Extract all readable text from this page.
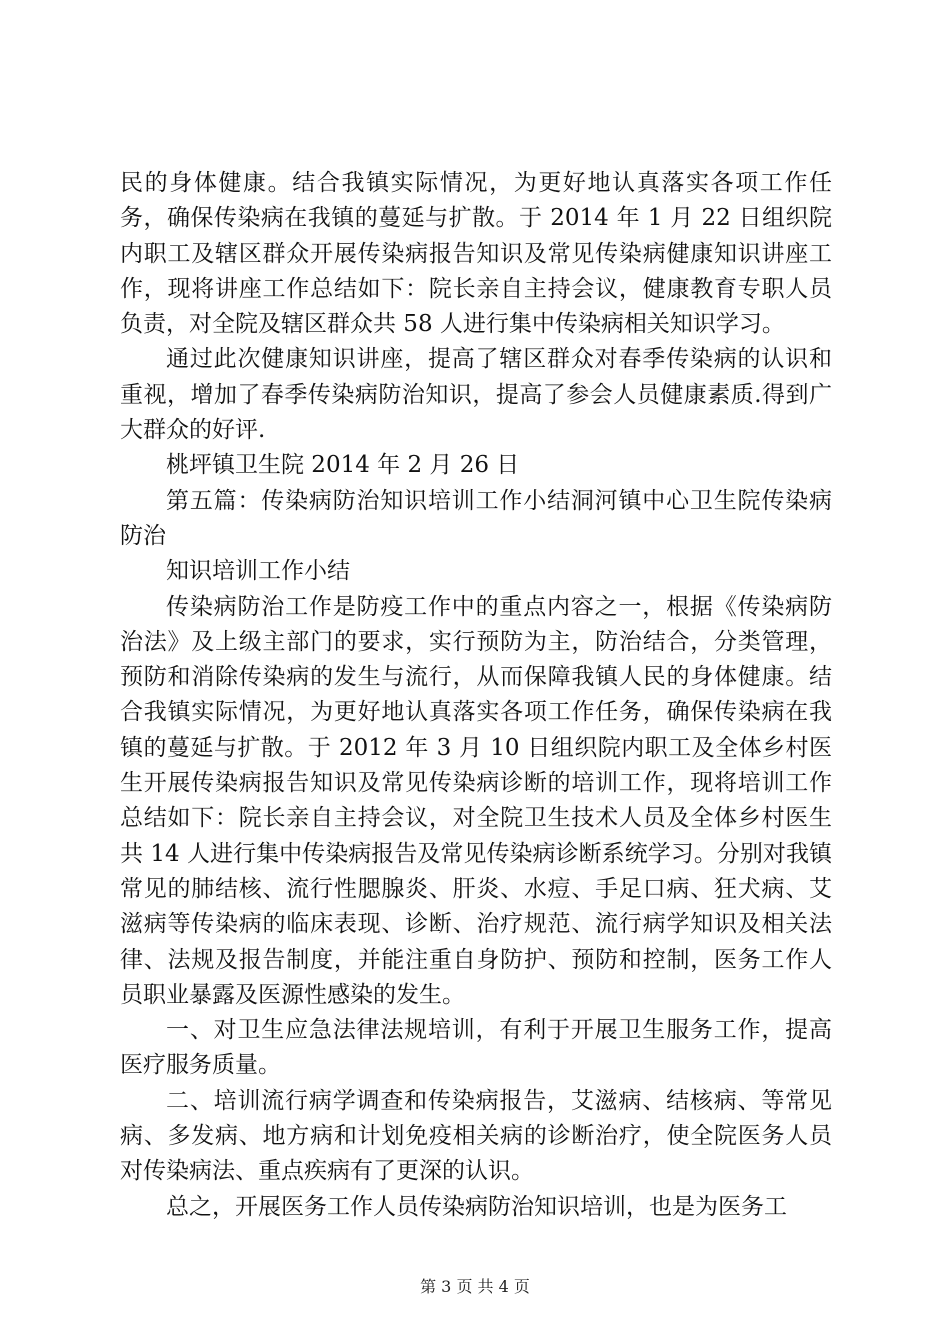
民的身体健康。结合我镇实际情况，为更好地认真落实各项工作任务，确保传染病在我镇的蔓延与扩散。于 2014 年 1 月 22 日组织院内职工及辖区群众开展传染病报告知识及常见传染病健康知识讲座工作，现将讲座工作总结如下：院长亲自主持会议，健康教育专职人员负责，对全院及辖区群众共 58 人进行集中传染病相关知识学习。

通过此次健康知识讲座，提高了辖区群众对春季传染病的认识和重视，增加了春季传染病防治知识，提高了参会人员健康素质.得到广大群众的好评.

桃坪镇卫生院 2014 年 2 月 26 日

第五篇：传染病防治知识培训工作小结洞河镇中心卫生院传染病防治

知识培训工作小结

传染病防治工作是防疫工作中的重点内容之一，根据《传染病防治法》及上级主部门的要求，实行预防为主，防治结合，分类管理，预防和消除传染病的发生与流行，从而保障我镇人民的身体健康。结合我镇实际情况，为更好地认真落实各项工作任务，确保传染病在我镇的蔓延与扩散。于 2012 年 3 月 10 日组织院内职工及全体乡村医生开展传染病报告知识及常见传染病诊断的培训工作，现将培训工作总结如下：院长亲自主持会议，对全院卫生技术人员及全体乡村医生共 14 人进行集中传染病报告及常见传染病诊断系统学习。分别对我镇常见的肺结核、流行性腮腺炎、肝炎、水痘、手足口病、狂犬病、艾滋病等传染病的临床表现、诊断、治疗规范、流行病学知识及相关法律、法规及报告制度，并能注重自身防护、预防和控制，医务工作人员职业暴露及医源性感染的发生。

一、对卫生应急法律法规培训，有利于开展卫生服务工作，提高医疗服务质量。

二、培训流行病学调查和传染病报告，艾滋病、结核病、等常见病、多发病、地方病和计划免疫相关病的诊断治疗，使全院医务人员对传染病法、重点疾病有了更深的认识。

总之，开展医务工作人员传染病防治知识培训，也是为医务工

第 3 页 共 4 页
